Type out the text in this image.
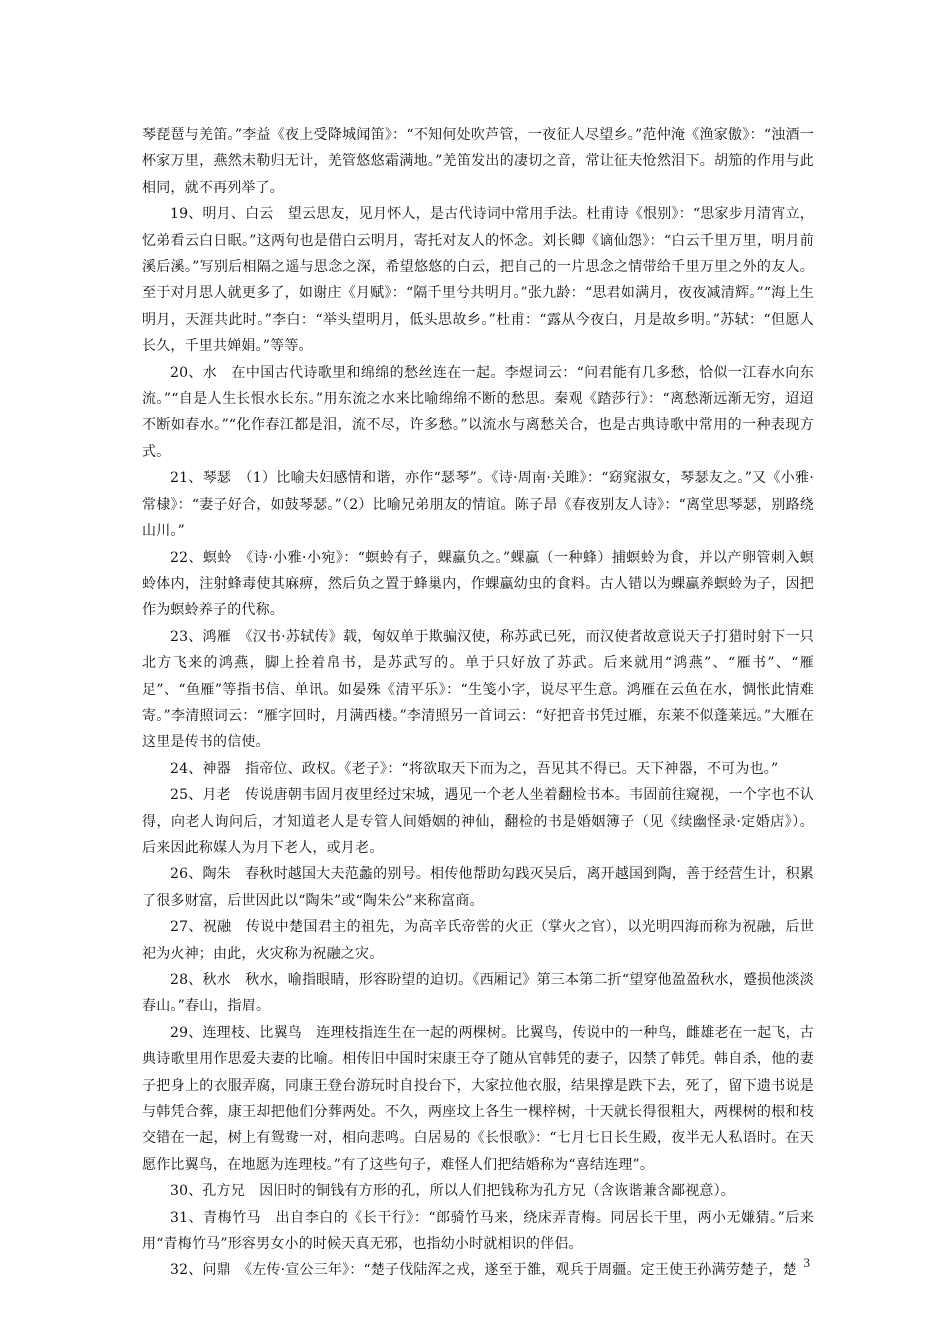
琴琵琶与羌笛。”李益《夜上受降城闻笛》：“不知何处吹芦管，一夜征人尽望乡。”范仲淹《渔家傲》：“浊酒一杯家万里，燕然未勒归无计，羌管悠悠霜满地。”羌笛发出的凄切之音，常让征夫怆然泪下。胡笳的作用与此相同，就不再列举了。

19、明月、白云　望云思友，见月怀人，是古代诗词中常用手法。杜甫诗《恨别》：“思家步月清宵立，忆弟看云白日眠。”这两句也是借白云明月，寄托对友人的怀念。刘长卿《谪仙怨》：“白云千里万里，明月前溪后溪。”写别后相隔之遥与思念之深，希望悠悠的白云，把自己的一片思念之情带给千里万里之外的友人。至于对月思人就更多了，如谢庄《月赋》：“隔千里兮共明月。”张九龄：“思君如满月，夜夜减清辉。”“海上生明月，天涯共此时。”李白：“举头望明月，低头思故乡。”杜甫：“露从今夜白，月是故乡明。”苏轼：“但愿人长久，千里共婵娟。”等等。

20、水　在中国古代诗歌里和绵绵的愁丝连在一起。李煜词云：“问君能有几多愁，恰似一江春水向东流。”“自是人生长恨水长东。”用东流之水来比喻绵绵不断的愁思。秦观《踏莎行》：“离愁渐远渐无穷，迢迢不断如春水。”“化作春江都是泪，流不尽，许多愁。”以流水与离愁关合，也是古典诗歌中常用的一种表现方式。

21、琴瑟　（1）比喻夫妇感情和谐，亦作“瑟琴”。《诗·周南·关雎》：“窈窕淑女，琴瑟友之。”又《小雅·常棣》：“妻子好合，如鼓琴瑟。”（2）比喻兄弟朋友的情谊。陈子昂《春夜别友人诗》：“离堂思琴瑟，别路绕山川。”

22、螟蛉　《诗·小雅·小宛》：“螟蛉有子，蜾蠃负之。”蜾蠃（一种蜂）捕螟蛉为食，并以产卵管刺入螟蛉体内，注射蜂毒使其麻痹，然后负之置于蜂巢内，作蜾蠃幼虫的食料。古人错以为蜾蠃养螟蛉为子，因把作为螟蛉养子的代称。

23、鸿雁　《汉书·苏轼传》载，匈奴单于欺骗汉使，称苏武已死，而汉使者故意说天子打猎时射下一只北方飞来的鸿燕，脚上拴着帛书，是苏武写的。单于只好放了苏武。后来就用“鸿燕”、“雁书”、“雁足”、“鱼雁”等指书信、单讯。如晏殊《清平乐》：“生笺小字，说尽平生意。鸿雁在云鱼在水，惆怅此情难寄。”李清照词云：“雁字回时，月满西楼。”李清照另一首词云：“好把音书凭过雁，东莱不似蓬莱远。”大雁在这里是传书的信使。

24、神器　指帝位、政权。《老子》：“将欲取天下而为之，吾见其不得已。天下神器，不可为也。”

25、月老　传说唐朝韦固月夜里经过宋城，遇见一个老人坐着翻检书本。韦固前往窥视，一个字也不认得，向老人询问后，才知道老人是专管人间婚姻的神仙，翻检的书是婚姻簿子（见《续幽怪录·定婚店》）。后来因此称媒人为月下老人，或月老。

26、陶朱　春秋时越国大夫范蠡的别号。相传他帮助勾践灭吴后，离开越国到陶，善于经营生计，积累了很多财富，后世因此以“陶朱”或“陶朱公”来称富商。

27、祝融　传说中楚国君主的祖先，为高辛氏帝喾的火正（掌火之官），以光明四海而称为祝融，后世祀为火神；由此，火灾称为祝融之灾。

28、秋水　秋水，喻指眼睛，形容盼望的迫切。《西厢记》第三本第二折“望穿他盈盈秋水，蹙损他淡淡春山。”春山，指眉。

29、连理枝、比翼鸟　连理枝指连生在一起的两棵树。比翼鸟，传说中的一种鸟，雌雄老在一起飞，古典诗歌里用作思爱夫妻的比喻。相传旧中国时宋康王夺了随从官韩凭的妻子，囚禁了韩凭。韩自杀，他的妻子把身上的衣服弄腐，同康王登台游玩时自投台下，大家拉他衣服，结果撑是跌下去，死了，留下遗书说是与韩凭合葬，康王却把他们分葬两处。不久，两座坟上各生一棵梓树，十天就长得很粗大，两棵树的根和枝交错在一起，树上有鸳鸯一对，相向悲鸣。白居易的《长恨歌》：“七月七日长生殿，夜半无人私语时。在天愿作比翼鸟，在地愿为连理枝。”有了这些句子，难怪人们把结婚称为“喜结连理”。

30、孔方兄　因旧时的铜钱有方形的孔，所以人们把钱称为孔方兄（含诙谐兼含鄙视意）。

31、青梅竹马　出自李白的《长干行》：“郎骑竹马来，绕床弄青梅。同居长干里，两小无嫌猜。”后来用“青梅竹马”形容男女小的时候天真无邪，也指幼小时就相识的伴侣。

32、问鼎　《左传·宣公三年》：“楚子伐陆浑之戎，遂至于雒，观兵于周疆。定王使王孙满劳楚子，楚 3
